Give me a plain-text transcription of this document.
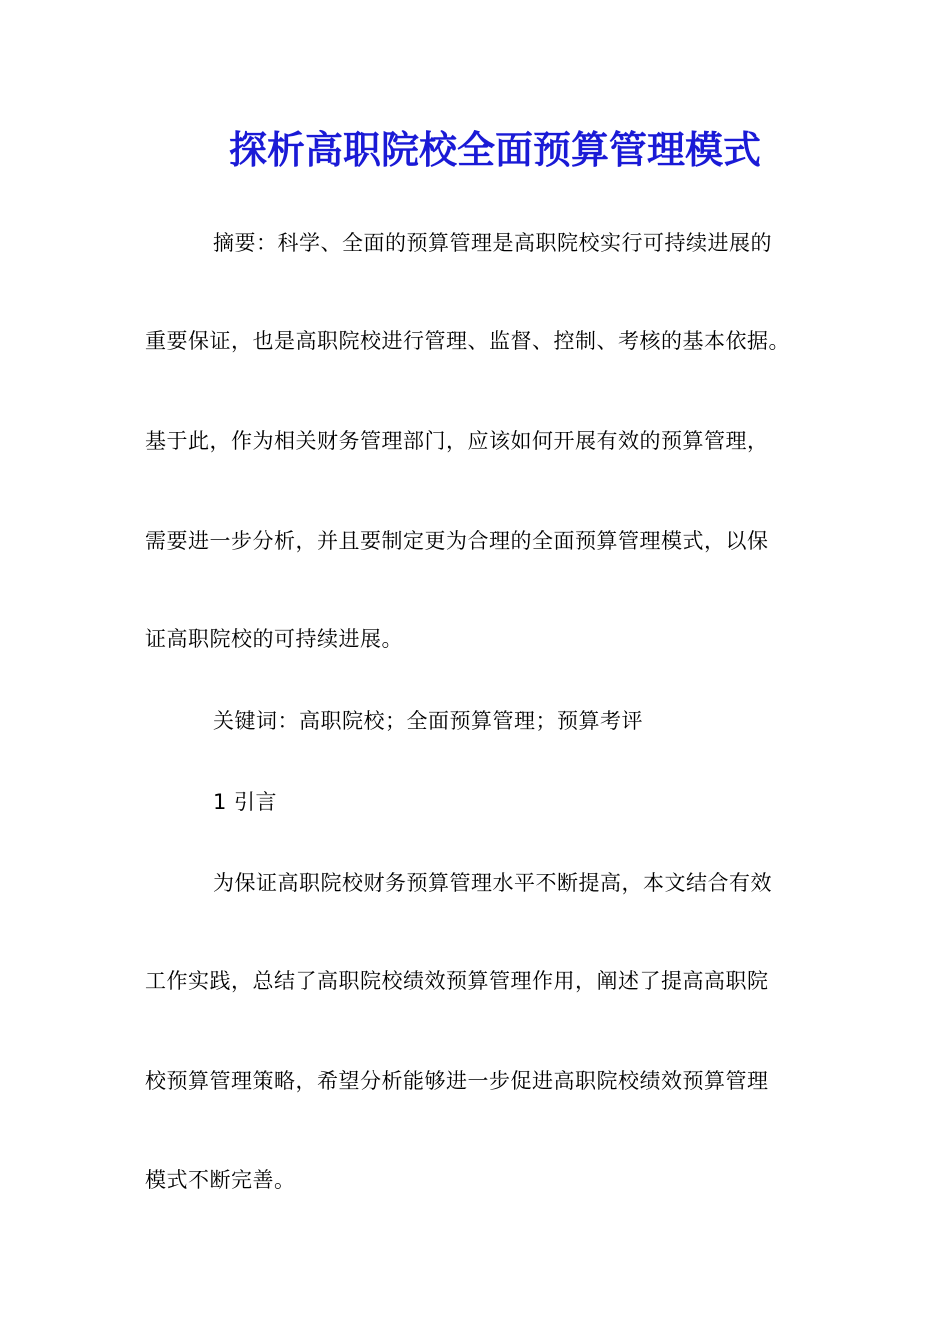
探析高职院校全面预算管理模式
摘要：科学、全面的预算管理是高职院校实行可持续进展的
重要保证，也是高职院校进行管理、监督、控制、考核的基本依据。
基于此，作为相关财务管理部门，应该如何开展有效的预算管理，
需要进一步分析，并且要制定更为合理的全面预算管理模式，以保
证高职院校的可持续进展。
关键词：高职院校；全面预算管理；预算考评
1 引言
为保证高职院校财务预算管理水平不断提高，本文结合有效
工作实践，总结了高职院校绩效预算管理作用，阐述了提高高职院
校预算管理策略，希望分析能够进一步促进高职院校绩效预算管理
模式不断完善。
